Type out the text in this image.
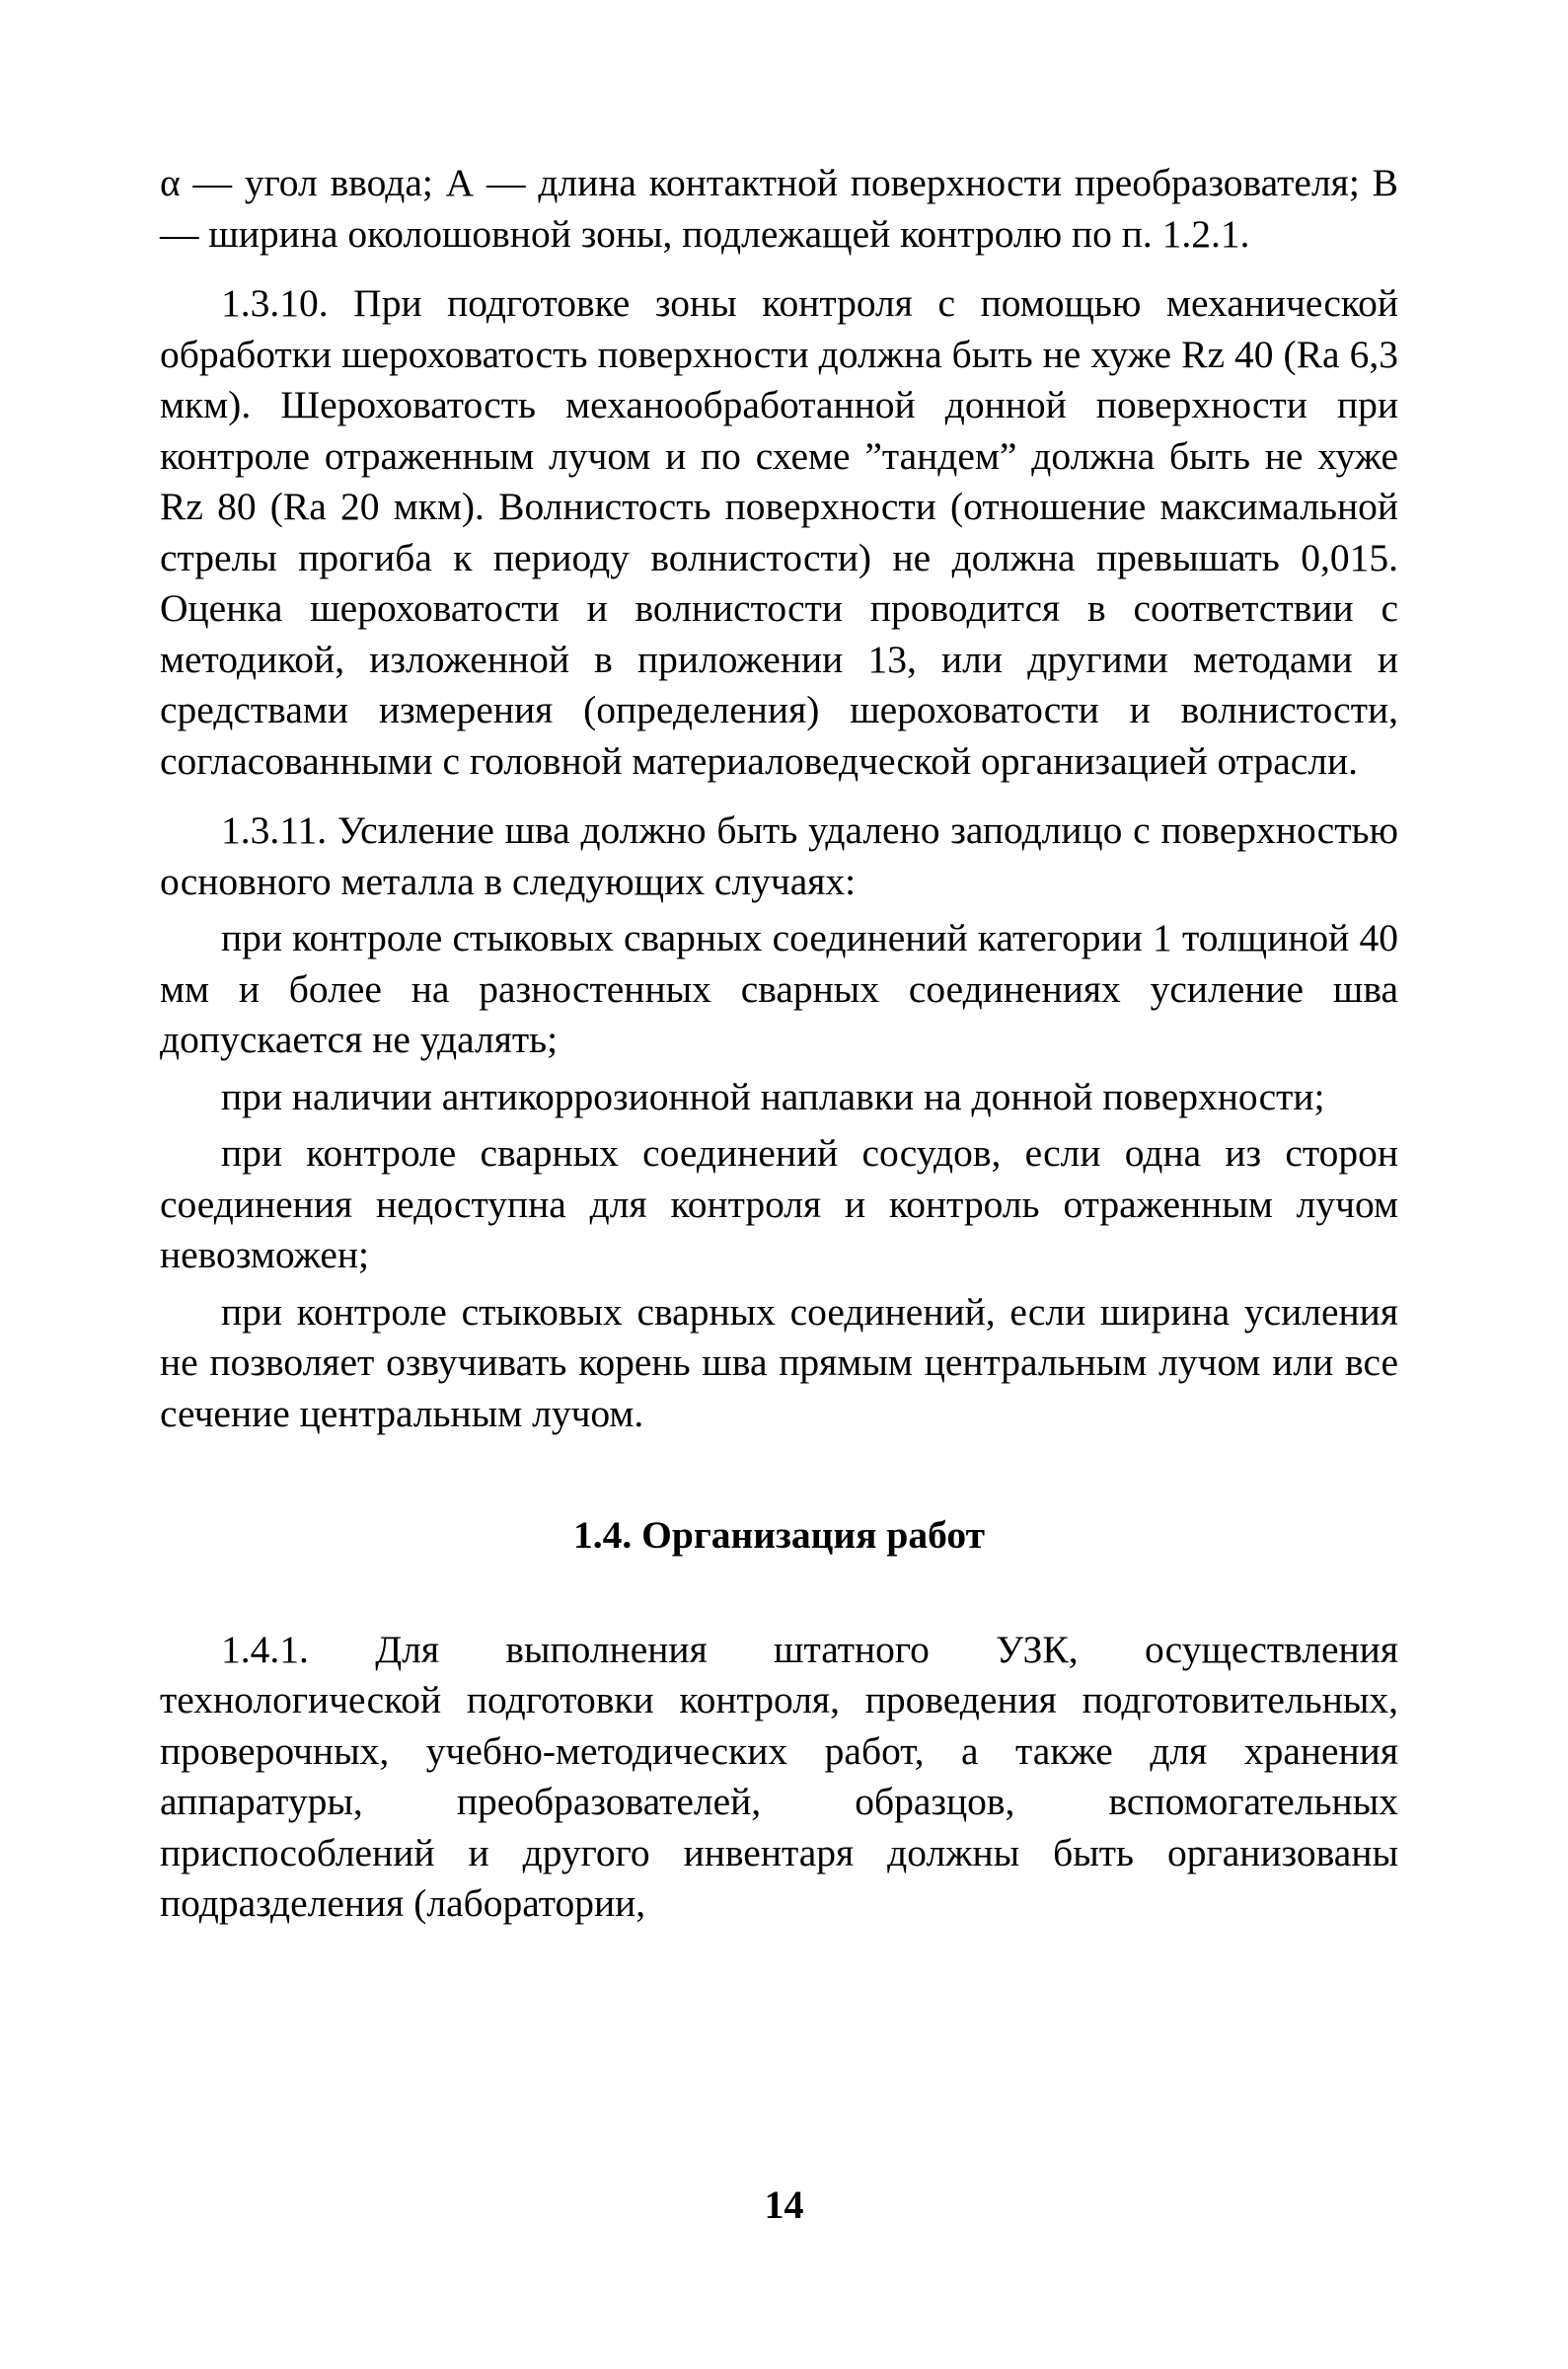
α — угол ввода; А — длина контактной поверхности преобразователя; В — ширина околошовной зоны, подлежащей контролю по п. 1.2.1.

1.3.10. При подготовке зоны контроля с помощью механической обработки шероховатость поверхности должна быть не хуже Rz 40 (Ra 6,3 мкм). Шероховатость механообработанной донной поверхности при контроле отраженным лучом и по схеме ”тандем” должна быть не хуже Rz 80 (Ra 20 мкм). Волнистость поверхности (отношение максимальной стрелы прогиба к периоду волнистости) не должна превышать 0,015. Оценка шероховатости и волнистости проводится в соответствии с методикой, изложенной в приложении 13, или другими методами и средствами измерения (определения) шероховатости и волнистости, согласованными с головной материаловедческой организацией отрасли.

1.3.11. Усиление шва должно быть удалено заподлицо с поверхностью основного металла в следующих случаях:

при контроле стыковых сварных соединений категории 1 толщиной 40 мм и более на разностенных сварных соединениях усиление шва допускается не удалять;

при наличии антикоррозионной наплавки на донной поверхности;

при контроле сварных соединений сосудов, если одна из сторон соединения недоступна для контроля и контроль отраженным лучом невозможен;

при контроле стыковых сварных соединений, если ширина усиления не позволяет озвучивать корень шва прямым центральным лучом или все сечение центральным лучом.

1.4. Организация работ

1.4.1. Для выполнения штатного УЗК, осуществления технологической подготовки контроля, проведения подготовительных, проверочных, учебно-методических работ, а также для хранения аппаратуры, преобразователей, образцов, вспомогательных приспособлений и другого инвентаря должны быть организованы подразделения (лаборатории,

14
